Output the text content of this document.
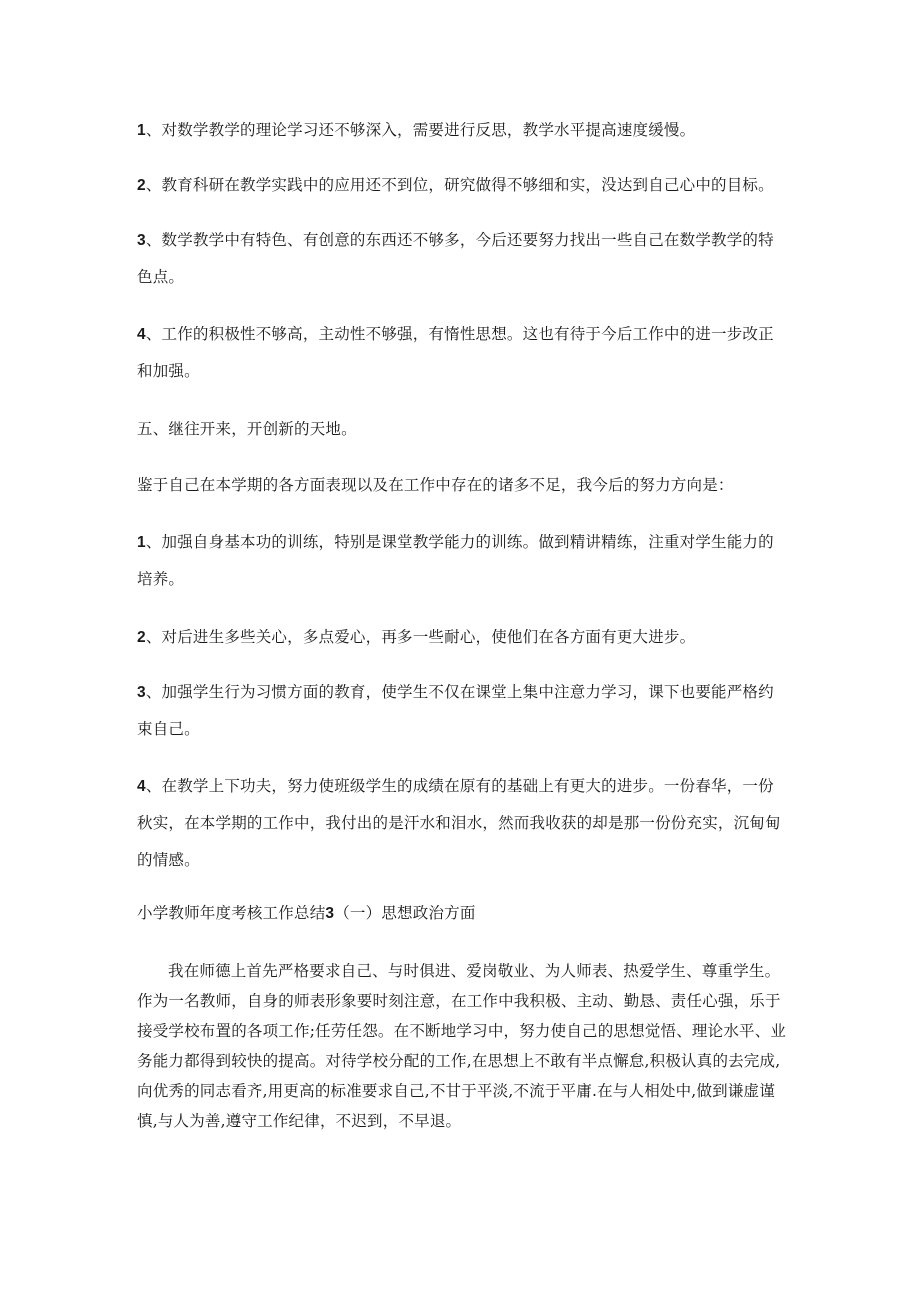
1、对数学教学的理论学习还不够深入，需要进行反思，教学水平提高速度缓慢。

2、教育科研在教学实践中的应用还不到位，研究做得不够细和实，没达到自己心中的目标。

3、数学教学中有特色、有创意的东西还不够多，今后还要努力找出一些自己在数学教学的特色点。

4、工作的积极性不够高，主动性不够强，有惰性思想。这也有待于今后工作中的进一步改正和加强。

五、继往开来，开创新的天地。

鉴于自己在本学期的各方面表现以及在工作中存在的诸多不足，我今后的努力方向是：

1、加强自身基本功的训练，特别是课堂教学能力的训练。做到精讲精练，注重对学生能力的培养。

2、对后进生多些关心，多点爱心，再多一些耐心，使他们在各方面有更大进步。

3、加强学生行为习惯方面的教育，使学生不仅在课堂上集中注意力学习，课下也要能严格约束自己。

4、在教学上下功夫，努力使班级学生的成绩在原有的基础上有更大的进步。一份春华，一份秋实，在本学期的工作中，我付出的是汗水和泪水，然而我收获的却是那一份份充实，沉甸甸的情感。

小学教师年度考核工作总结3（一）思想政治方面

我在师德上首先严格要求自己、与时俱进、爱岗敬业、为人师表、热爱学生、尊重学生。作为一名教师，自身的师表形象要时刻注意，在工作中我积极、主动、勤恳、责任心强，乐于接受学校布置的各项工作;任劳任怨。在不断地学习中，努力使自己的思想觉悟、理论水平、业务能力都得到较快的提高。对待学校分配的工作,在思想上不敢有半点懈怠,积极认真的去完成,向优秀的同志看齐,用更高的标准要求自己,不甘于平淡,不流于平庸.在与人相处中,做到谦虚谨慎,与人为善,遵守工作纪律，不迟到，不早退。
